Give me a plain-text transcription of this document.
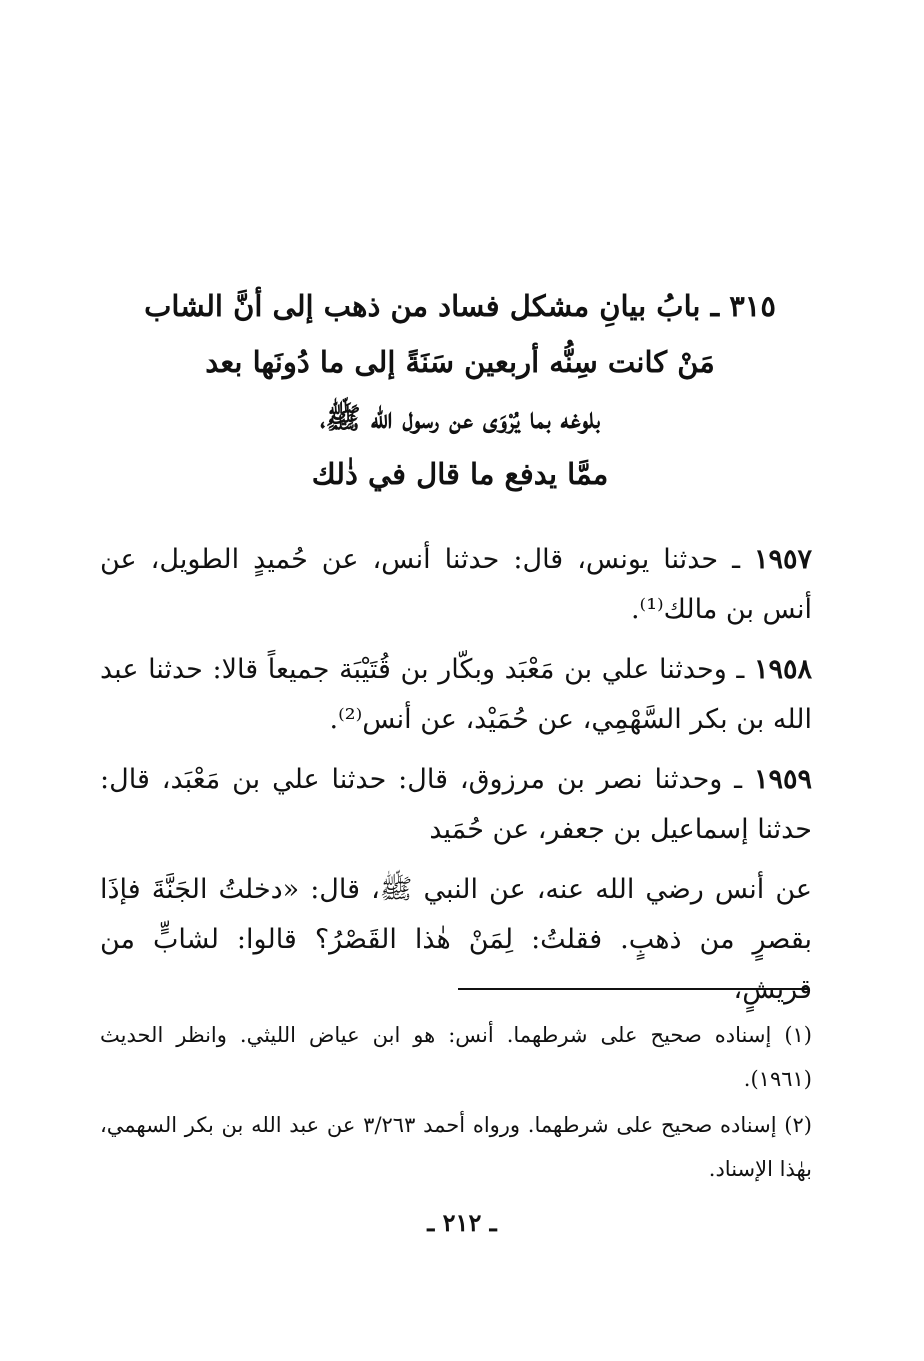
٣١٥ ـ بابُ بيانِ مشكل فساد من ذهب إلى أنَّ الشاب
مَنْ كانت سِنُّه أربعين سَنَةً إلى ما دُونَها بعد
بلوغه بما يُرْوَى عن رسول الله ﷺ،
ممَّا يدفع ما قال في ذٰلك
١٩٥٧ ـ حدثنا يونس، قال: حدثنا أنس، عن حُميدٍ الطويل، عن أنس بن مالك⁽¹⁾.
١٩٥٨ ـ وحدثنا علي بن مَعْبَد وبكّار بن قُتَيْبَة جميعاً قالا: حدثنا عبد الله بن بكر السَّهْمِي، عن حُمَيْد، عن أنس⁽²⁾.
١٩٥٩ ـ وحدثنا نصر بن مرزوق، قال: حدثنا علي بن مَعْبَد، قال: حدثنا إسماعيل بن جعفر، عن حُمَيد
عن أنس رضي الله عنه، عن النبي ﷺ، قال: «دخلتُ الجَنَّةَ فإذَا بقصرٍ من ذهبٍ. فقلتُ: لِمَنْ هٰذا القَصْرُ؟ قالوا: لشابٍّ من قريشٍ،
(١) إسناده صحيح على شرطهما. أنس: هو ابن عياض الليثي. وانظر الحديث (١٩٦١).
(٢) إسناده صحيح على شرطهما. ورواه أحمد ٣/٢٦٣ عن عبد الله بن بكر السهمي، بهٰذا الإسناد.
ـ ٢١٢ ـ
